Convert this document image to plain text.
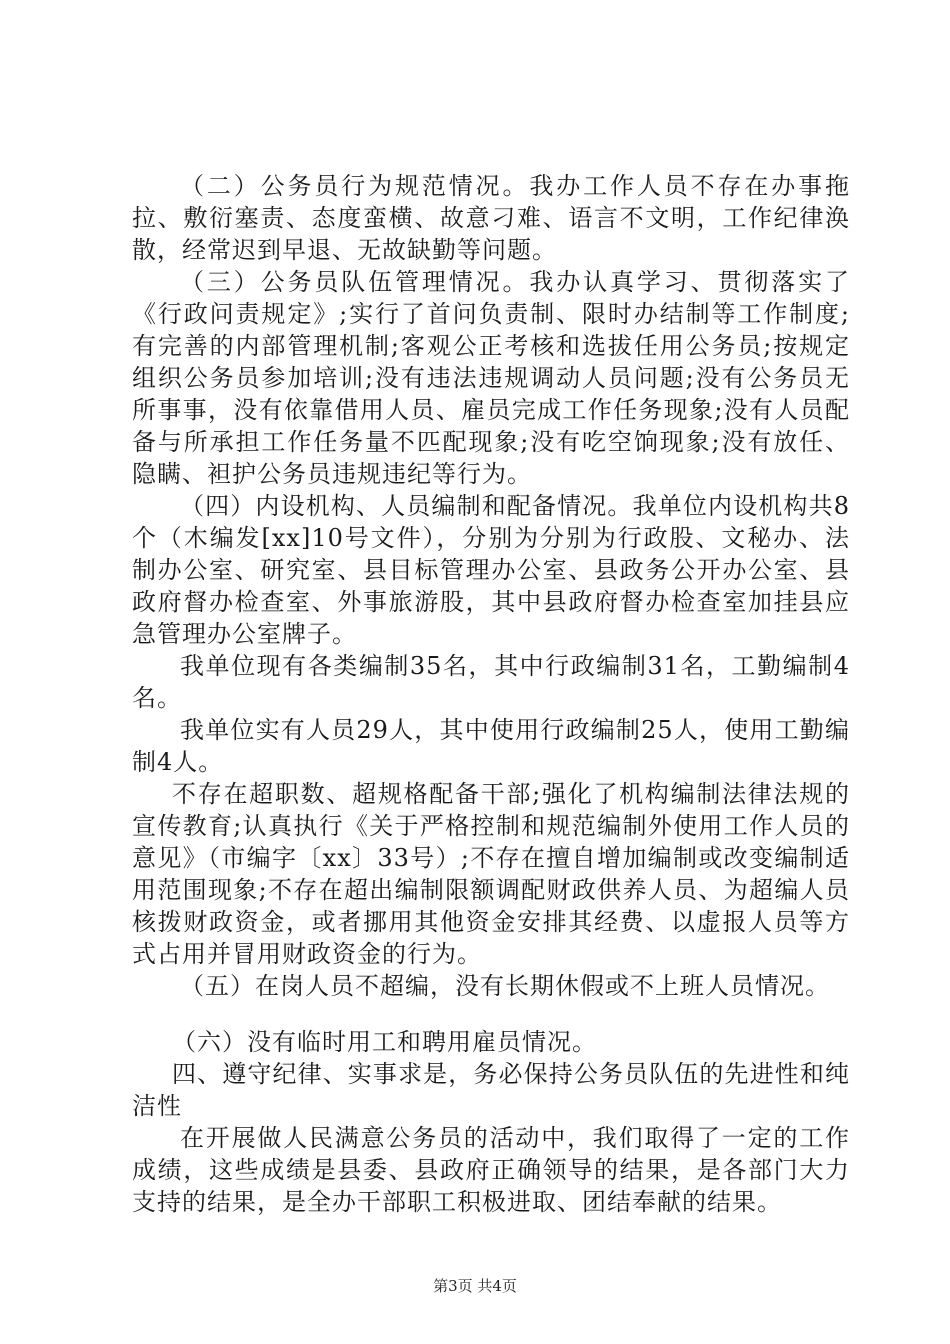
（二）公务员行为规范情况。我办工作人员不存在办事拖拉、敷衍塞责、态度蛮横、故意刁难、语言不文明，工作纪律涣散，经常迟到早退、无故缺勤等问题。

（三）公务员队伍管理情况。我办认真学习、贯彻落实了《行政问责规定》;实行了首问负责制、限时办结制等工作制度;有完善的内部管理机制;客观公正考核和选拔任用公务员;按规定组织公务员参加培训;没有违法违规调动人员问题;没有公务员无所事事，没有依靠借用人员、雇员完成工作任务现象;没有人员配备与所承担工作任务量不匹配现象;没有吃空饷现象;没有放任、隐瞒、袒护公务员违规违纪等行为。

（四）内设机构、人员编制和配备情况。我单位内设机构共8个（木编发[xx]10号文件），分别为分别为行政股、文秘办、法制办公室、研究室、县目标管理办公室、县政务公开办公室、县政府督办检查室、外事旅游股，其中县政府督办检查室加挂县应急管理办公室牌子。

我单位现有各类编制35名，其中行政编制31名，工勤编制4名。

我单位实有人员29人，其中使用行政编制25人，使用工勤编制4人。

不存在超职数、超规格配备干部;强化了机构编制法律法规的宣传教育;认真执行《关于严格控制和规范编制外使用工作人员的意见》（市编字〔xx〕33号）;不存在擅自增加编制或改变编制适用范围现象;不存在超出编制限额调配财政供养人员、为超编人员核拨财政资金，或者挪用其他资金安排其经费、以虚报人员等方式占用并冒用财政资金的行为。

（五）在岗人员不超编，没有长期休假或不上班人员情况。

（六）没有临时用工和聘用雇员情况。

四、遵守纪律、实事求是，务必保持公务员队伍的先进性和纯洁性

在开展做人民满意公务员的活动中，我们取得了一定的工作成绩，这些成绩是县委、县政府正确领导的结果，是各部门大力支持的结果，是全办干部职工积极进取、团结奉献的结果。

第3页 共4页
